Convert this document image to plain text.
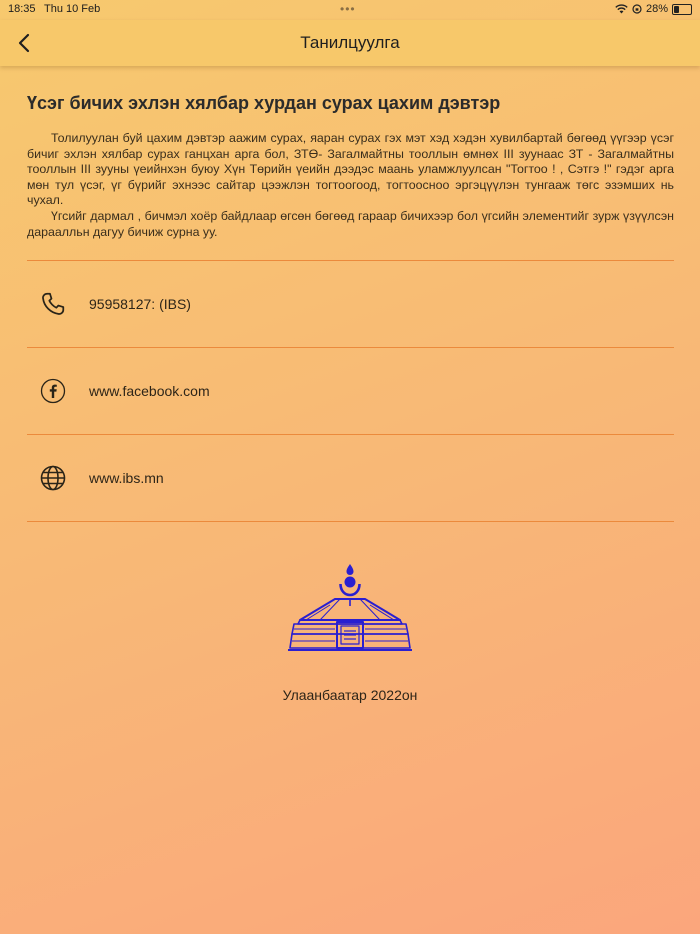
18:35 Thu 10 Feb	•••	28%
Танилцуулга
Үсэг бичих эхлэн хялбар хурдан сурах цахим дэвтэр

Толилуулан буй цахим дэвтэр аажим сурах, яаран сурах гэх мэт хэд хэдэн хувилбартай бөгөөд үүгээр үсэг бичиг эхлэн хялбар сурах ганцхан арга бол, ЗТӨ- Загалмайтны тооллын өмнөх III зуунаас ЗТ - Загалмайтны тооллын III зууны үеийнхэн буюу Хүн Төрийн үеийн дээдэс маань уламжлуулсан "Тогтоо ! , Сэтгэ !" гэдэг арга мөн тул үсэг, үг бүрийг эхнээс сайтар цээжлэн тогтоогоод, тогтоосноо эргэцүүлэн тунгааж төгс эзэмших нь чухал.

Үгсийг дармал , бичмэл хоёр байдлаар өгсөн бөгөөд гараар бичихээр бол үгсийн элементийг зурж үзүүлсэн дараалльн дагуу бичиж сурна уу.

95958127: (IBS)
www.facebook.com
www.ibs.mn
Улаанбаатар 2022он
